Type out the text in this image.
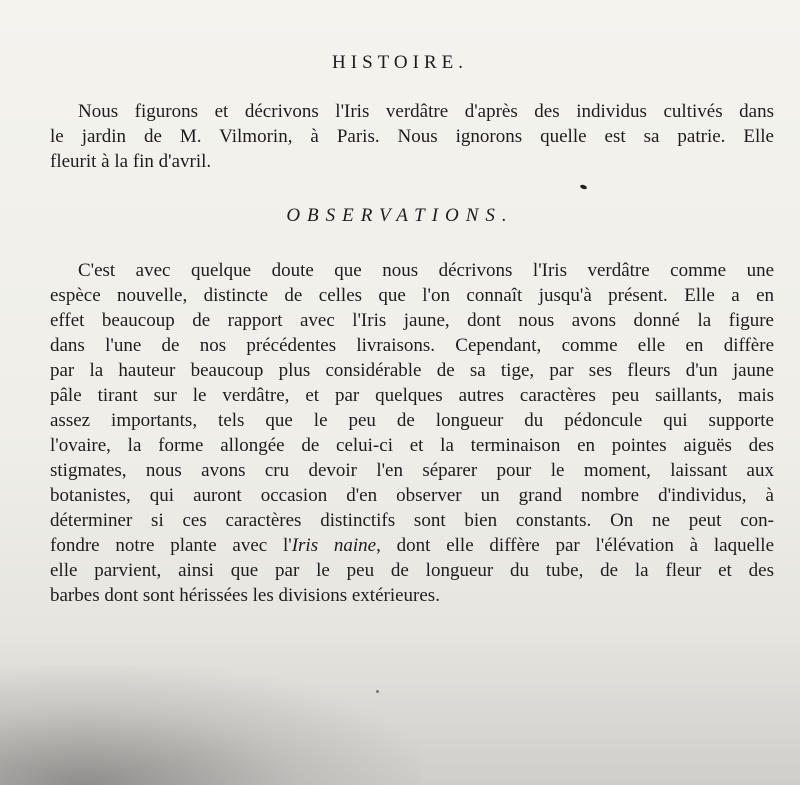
HISTOIRE.
Nous figurons et décrivons l'Iris verdâtre d'après des individus cultivés dans
le jardin de M. Vilmorin, à Paris. Nous ignorons quelle est sa patrie. Elle
fleurit à la fin d'avril.
OBSERVATIONS.
C'est avec quelque doute que nous décrivons l'Iris verdâtre comme une
espèce nouvelle, distincte de celles que l'on connaît jusqu'à présent. Elle a en
effet beaucoup de rapport avec l'Iris jaune, dont nous avons donné la figure
dans l'une de nos précédentes livraisons. Cependant, comme elle en diffère
par la hauteur beaucoup plus considérable de sa tige, par ses fleurs d'un jaune
pâle tirant sur le verdâtre, et par quelques autres caractères peu saillants, mais
assez importants, tels que le peu de longueur du pédoncule qui supporte
l'ovaire, la forme allongée de celui-ci et la terminaison en pointes aiguës des
stigmates, nous avons cru devoir l'en séparer pour le moment, laissant aux
botanistes, qui auront occasion d'en observer un grand nombre d'individus, à
déterminer si ces caractères distinctifs sont bien constants. On ne peut con-
fondre notre plante avec l'Iris naine, dont elle diffère par l'élévation à laquelle
elle parvient, ainsi que par le peu de longueur du tube, de la fleur et des
barbes dont sont hérissées les divisions extérieures.
